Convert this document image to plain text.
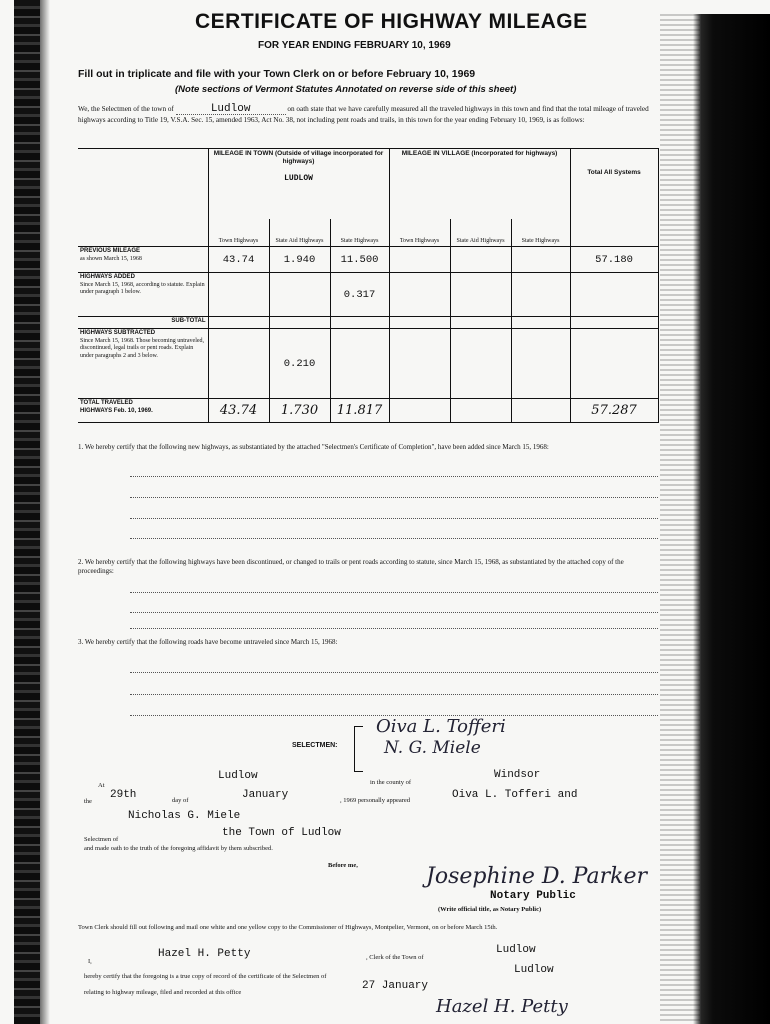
CERTIFICATE OF HIGHWAY MILEAGE
FOR YEAR ENDING FEBRUARY 10, 1969
Fill out in triplicate and file with your Town Clerk on or before February 10, 1969
(Note sections of Vermont Statutes Annotated on reverse side of this sheet)
We, the Selectmen of the town of	Ludlow	on oath state that we have carefully measured all the traveled highways in this town and find that the total mileage of traveled highways according to Title 19, V.S.A. Sec. 15, amended 1963, Act No. 38, not including pent roads and trails, in this town for the year ending February 10, 1969, is as follows:
	MILEAGE IN TOWN (Outside of village incorporated for highways)
LUDLOW			MILEAGE IN VILLAGE (Incorporated for highways)			Total All Systems
	Town Highways	State Aid Highways	State Highways	Town Highways	State Aid Highways	State Highways	
PREVIOUS MILEAGE
as shown March 15, 1968	43.74	1.940	11.500				57.180
HIGHWAYS ADDED
Since March 15, 1968, according to statute. Explain under paragraph 1 below.			0.317				
SUB-TOTAL							
HIGHWAYS SUBTRACTED
Since March 15, 1968. Those becoming untraveled, discontinued, legal trails or pent roads. Explain under paragraphs 2 and 3 below.		0.210					
TOTAL TRAVELED
HIGHWAYS Feb. 10, 1969.	43.74	1.730	11.817				57.287
1. We hereby certify that the following new highways, as substantiated by the attached "Selectmen's Certificate of Completion", have been added since March 15, 1968:
2. We hereby certify that the following highways have been discontinued, or changed to trails or pent roads according to statute, since March 15, 1968, as substantiated by the attached copy of the proceedings:
3. We hereby certify that the following roads have become untraveled since March 15, 1968:
SELECTMEN:
Oiva L. Tofferi
N. G. Miele
At
Ludlow
in the county of
Windsor
the
29th	day of	January	, 1969 personally appeared	Oiva L. Tofferi and
Nicholas G. Miele
Selectmen of
the Town of Ludlow
and made oath to the truth of the foregoing affidavit by them subscribed.
Before me,	Josephine D. Parker
Notary Public
(Write official title, as Notary Public)
Town Clerk should fill out following and mail one white and one yellow copy to the Commissioner of Highways, Montpelier, Vermont, on or before March 15th.
I,
Hazel H. Petty	, Clerk of the Town of
Ludlow
hereby certify that the foregoing is a true copy of record of the certificate of the Selectmen of
Ludlow
relating to highway mileage, filed and recorded at this office
27 January
Hazel H. Petty
